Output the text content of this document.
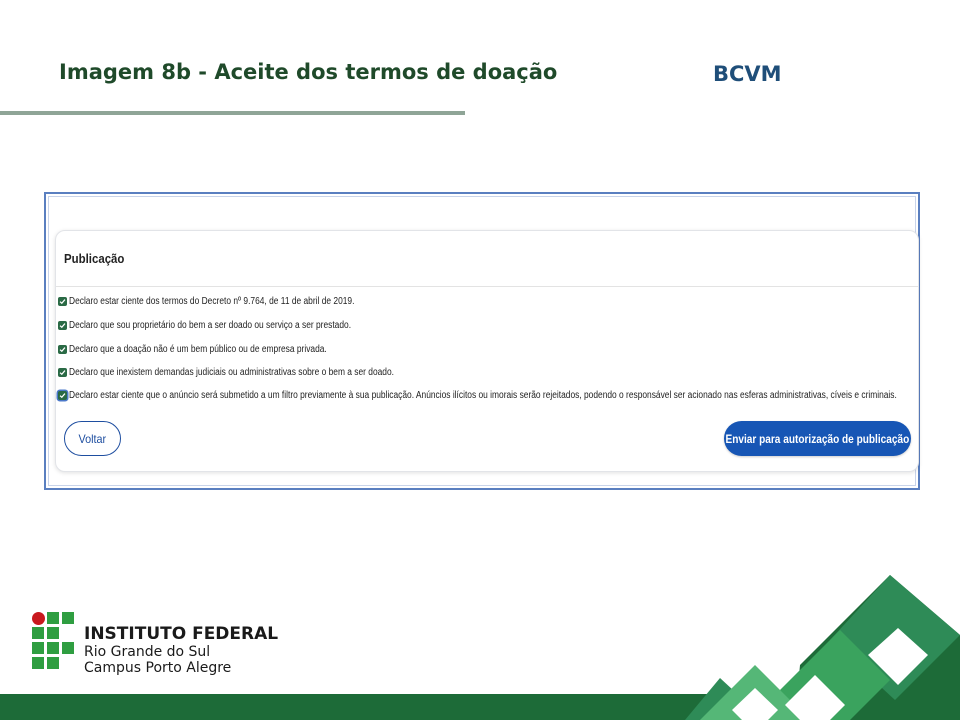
Imagem 8b - Aceite dos termos de doação	BCVM
Publicação
Declaro estar ciente dos termos do Decreto nº 9.764, de 11 de abril de 2019.
Declaro que sou proprietário do bem a ser doado ou serviço a ser prestado.
Declaro que a doação não é um bem público ou de empresa privada.
Declaro que inexistem demandas judiciais ou administrativas sobre o bem a ser doado.
Declaro estar ciente que o anúncio será submetido a um filtro previamente à sua publicação. Anúncios ilícitos ou imorais serão rejeitados, podendo o responsável ser acionado nas esferas administrativas, cíveis e criminais.
Voltar	Enviar para autorização de publicação
INSTITUTO FEDERAL
Rio Grande do Sul
Campus Porto Alegre
